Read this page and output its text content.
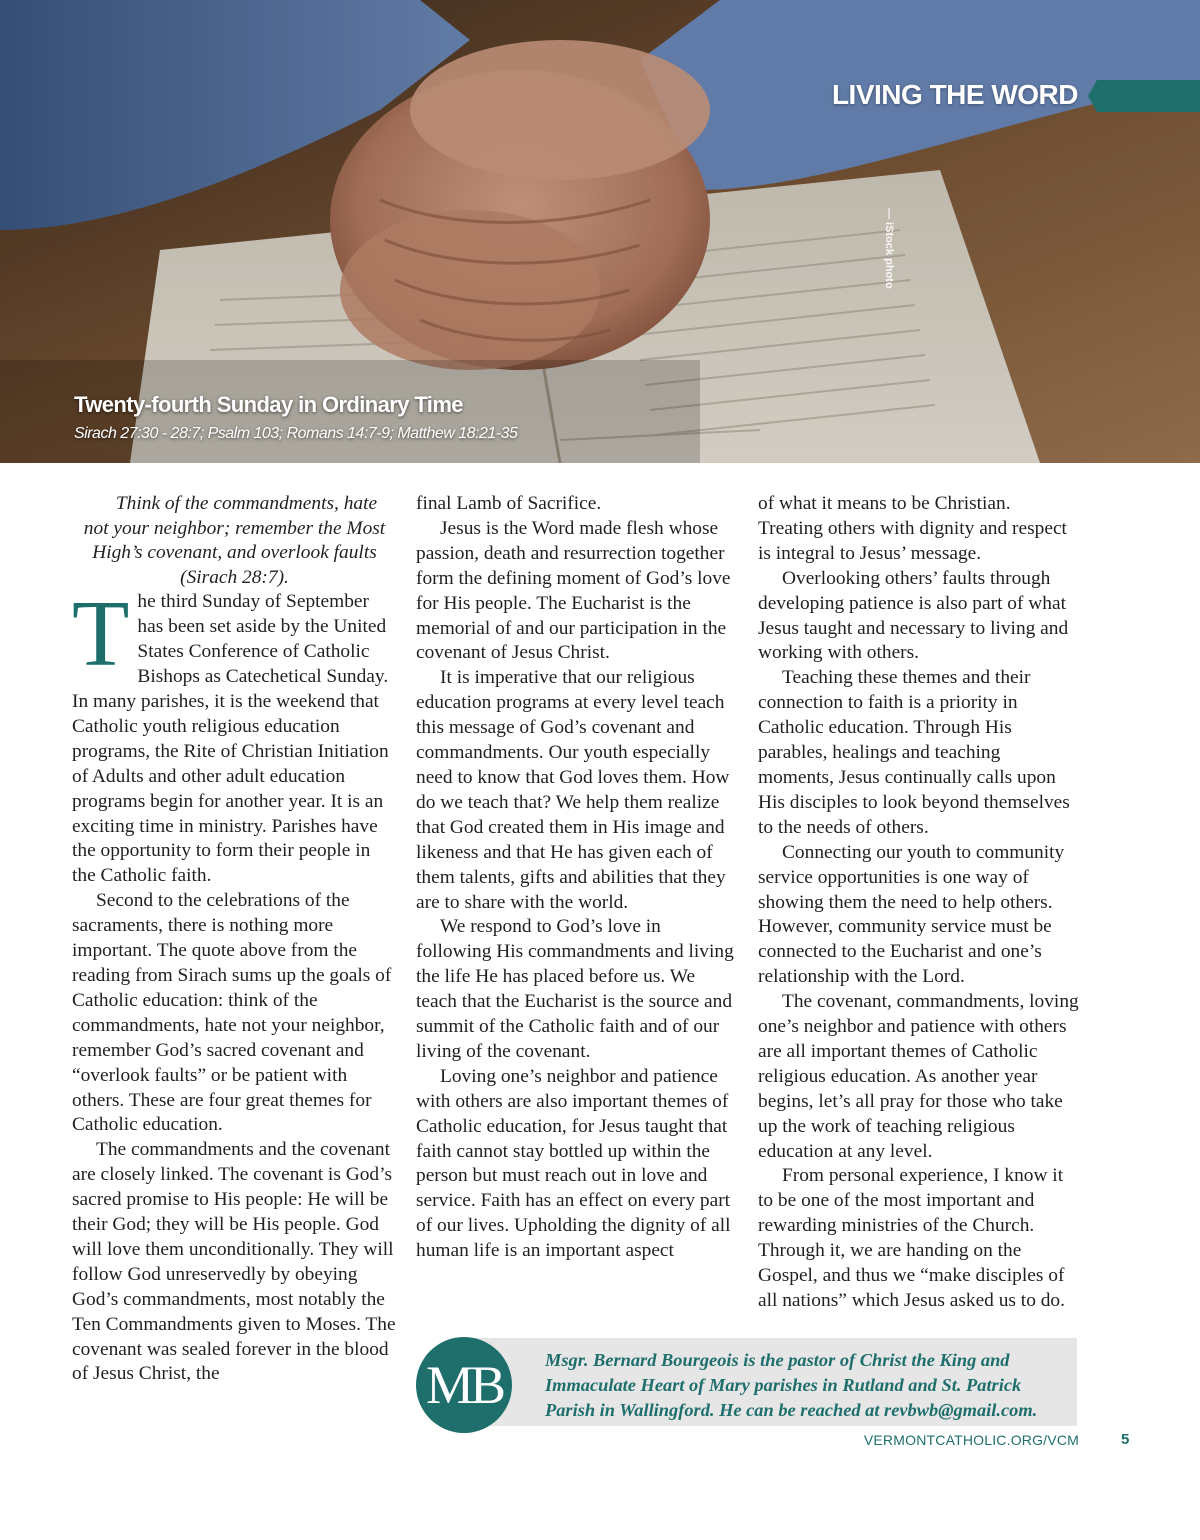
LIVING THE WORD
— iStock photo
Twenty-fourth Sunday in Ordinary Time
Sirach 27:30 - 28:7; Psalm 103; Romans 14:7-9; Matthew 18:21-35

Think of the commandments, hate not your neighbor; remember the Most High’s covenant, and overlook faults (Sirach 28:7).

The third Sunday of September has been set aside by the United States Conference of Catholic Bishops as Catechetical Sunday. In many parishes, it is the weekend that Catholic youth religious education programs, the Rite of Christian Initiation of Adults and other adult education programs begin for another year. It is an exciting time in ministry. Parishes have the opportunity to form their people in the Catholic faith.

Second to the celebrations of the sacraments, there is nothing more important. The quote above from the reading from Sirach sums up the goals of Catholic education: think of the commandments, hate not your neighbor, remember God’s sacred covenant and “overlook faults” or be patient with others. These are four great themes for Catholic education.

The commandments and the covenant are closely linked. The covenant is God’s sacred promise to His people: He will be their God; they will be His people. God will love them unconditionally. They will follow God unreservedly by obeying God’s commandments, most notably the Ten Commandments given to Moses. The covenant was sealed forever in the blood of Jesus Christ, the

final Lamb of Sacrifice.

Jesus is the Word made flesh whose passion, death and resurrection together form the defining moment of God’s love for His people. The Eucharist is the memorial of and our participation in the covenant of Jesus Christ.

It is imperative that our religious education programs at every level teach this message of God’s covenant and commandments. Our youth especially need to know that God loves them. How do we teach that? We help them realize that God created them in His image and likeness and that He has given each of them talents, gifts and abilities that they are to share with the world.

We respond to God’s love in following His commandments and living the life He has placed before us. We teach that the Eucharist is the source and summit of the Catholic faith and of our living of the covenant.

Loving one’s neighbor and patience with others are also important themes of Catholic education, for Jesus taught that faith cannot stay bottled up within the person but must reach out in love and service. Faith has an effect on every part of our lives. Upholding the dignity of all human life is an important aspect

of what it means to be Christian. Treating others with dignity and respect is integral to Jesus’ message.

Overlooking others’ faults through developing patience is also part of what Jesus taught and necessary to living and working with others.

Teaching these themes and their connection to faith is a priority in Catholic education. Through His parables, healings and teaching moments, Jesus continually calls upon His disciples to look beyond themselves to the needs of others.

Connecting our youth to community service opportunities is one way of showing them the need to help others. However, community service must be connected to the Eucharist and one’s relationship with the Lord.

The covenant, commandments, loving one’s neighbor and patience with others are all important themes of Catholic religious education. As another year begins, let’s all pray for those who take up the work of teaching religious education at any level.

From personal experience, I know it to be one of the most important and rewarding ministries of the Church. Through it, we are handing on the Gospel, and thus we “make disciples of all nations” which Jesus asked us to do.

MB	Msgr. Bernard Bourgeois is the pastor of Christ the King and Immaculate Heart of Mary parishes in Rutland and St. Patrick Parish in Wallingford. He can be reached at revbwb@gmail.com.
VERMONTCATHOLIC.ORG/VCM	5
